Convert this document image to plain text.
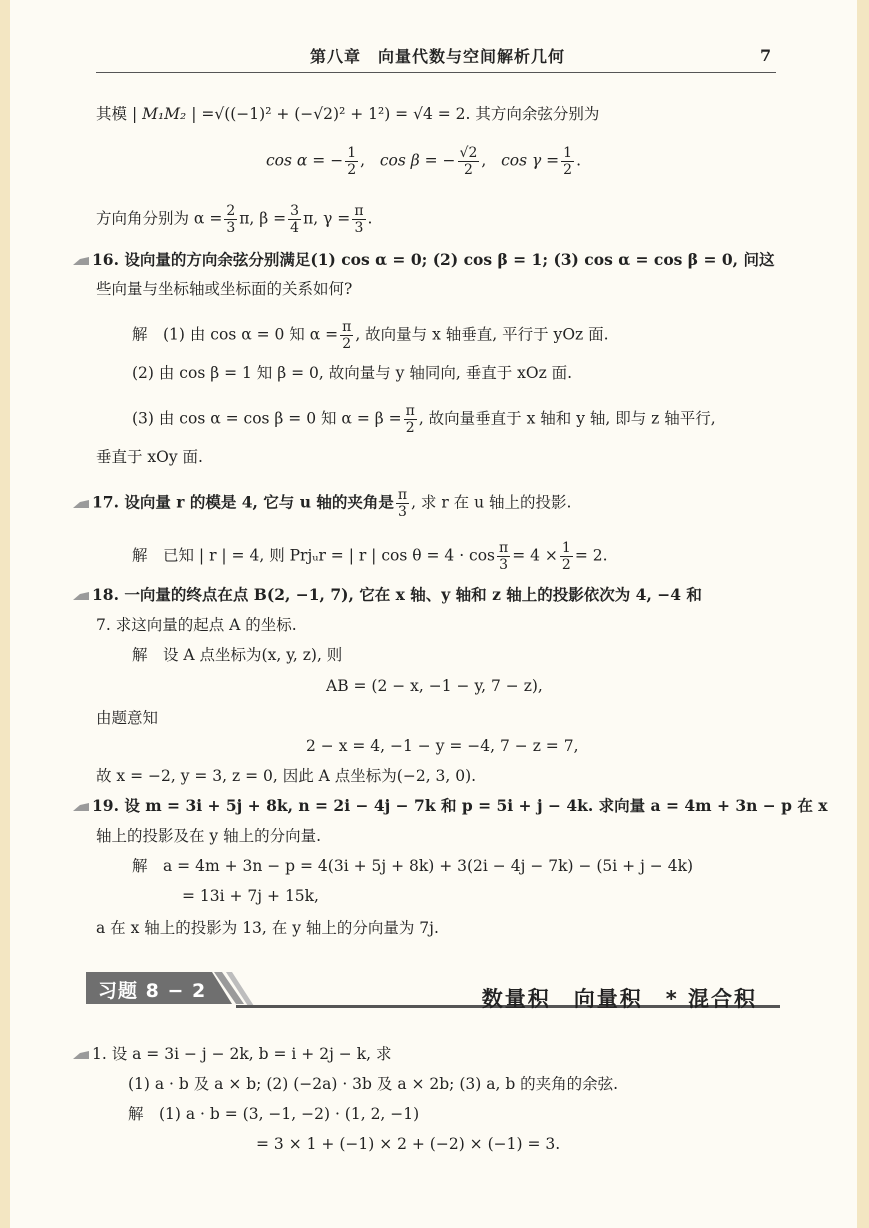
第八章　向量代数与空间解析几何	7
其模 | M₁M₂ | =√((−1)² + (−√2)² + 1²) = √4 = 2. 其方向余弦分别为
cos α = − $\frac{1}{2}$ ,   cos β = − $\frac{√2}{2}$ ,   $\cos \gamma = \frac{1}{2}$ .
方向角分别为 $\alpha = \frac{2}{3} \pi$, $\beta = \frac{3}{4} \pi$, $\gamma = \frac{\pi}{3}$ .
16. 设向量的方向余弦分别满足(1) cos α = 0; (2) cos β = 1; (3) cos α = cos β = 0, 问这
些向量与坐标轴或坐标面的关系如何?
解　(1) 由 cos α = 0 知 $\alpha = \frac{\pi}{2}$ , 故向量与 x 轴垂直, 平行于 yOz 面.
(2) 由 cos β = 1 知 β = 0, 故向量与 y 轴同向, 垂直于 xOz 面.
(3) 由 cos α = cos β = 0 知 $\alpha = \beta = \frac{\pi}{2}$ , 故向量垂直于 x 轴和 y 轴, 即与 z 轴平行,
垂直于 xOy 面.
17. 设向量 r 的模是 4, 它与 u 轴的夹角是 $\frac{\pi}{3}$ , 求 r 在 u 轴上的投影.
解　已知 | r | = 4, 则 Prjᵤr = | r | $\cos \theta = 4 \cdot \cos \frac{\pi}{3} = 4 \times \frac{1}{2} = 2$.
18. 一向量的终点在点 B(2, −1, 7), 它在 x 轴、y 轴和 z 轴上的投影依次为 4, −4 和
7. 求这向量的起点 A 的坐标.
解　设 A 点坐标为(x, y, z), 则
AB = (2 − x, −1 − y, 7 − z),
由题意知
2 − x = 4, −1 − y = −4, 7 − z = 7,
故 x = −2, y = 3, z = 0, 因此 A 点坐标为(−2, 3, 0).
19. 设 m = 3i + 5j + 8k, n = 2i − 4j − 7k 和 p = 5i + j − 4k. 求向量 a = 4m + 3n − p 在 x
轴上的投影及在 y 轴上的分向量.
解　a = 4m + 3n − p = 4(3i + 5j + 8k) + 3(2i − 4j − 7k) − (5i + j − 4k)
= 13i + 7j + 15k,
a 在 x 轴上的投影为 13, 在 y 轴上的分向量为 7j.
习题 8 − 2	数量积　向量积　* 混合积
1. 设 a = 3i − j − 2k, b = i + 2j − k, 求
(1) a · b 及 a × b; (2) (−2a) · 3b 及 a × 2b; (3) a, b 的夹角的余弦.
解　(1) a · b = (3, −1, −2) · (1, 2, −1)
= 3 × 1 + (−1) × 2 + (−2) × (−1) = 3.
